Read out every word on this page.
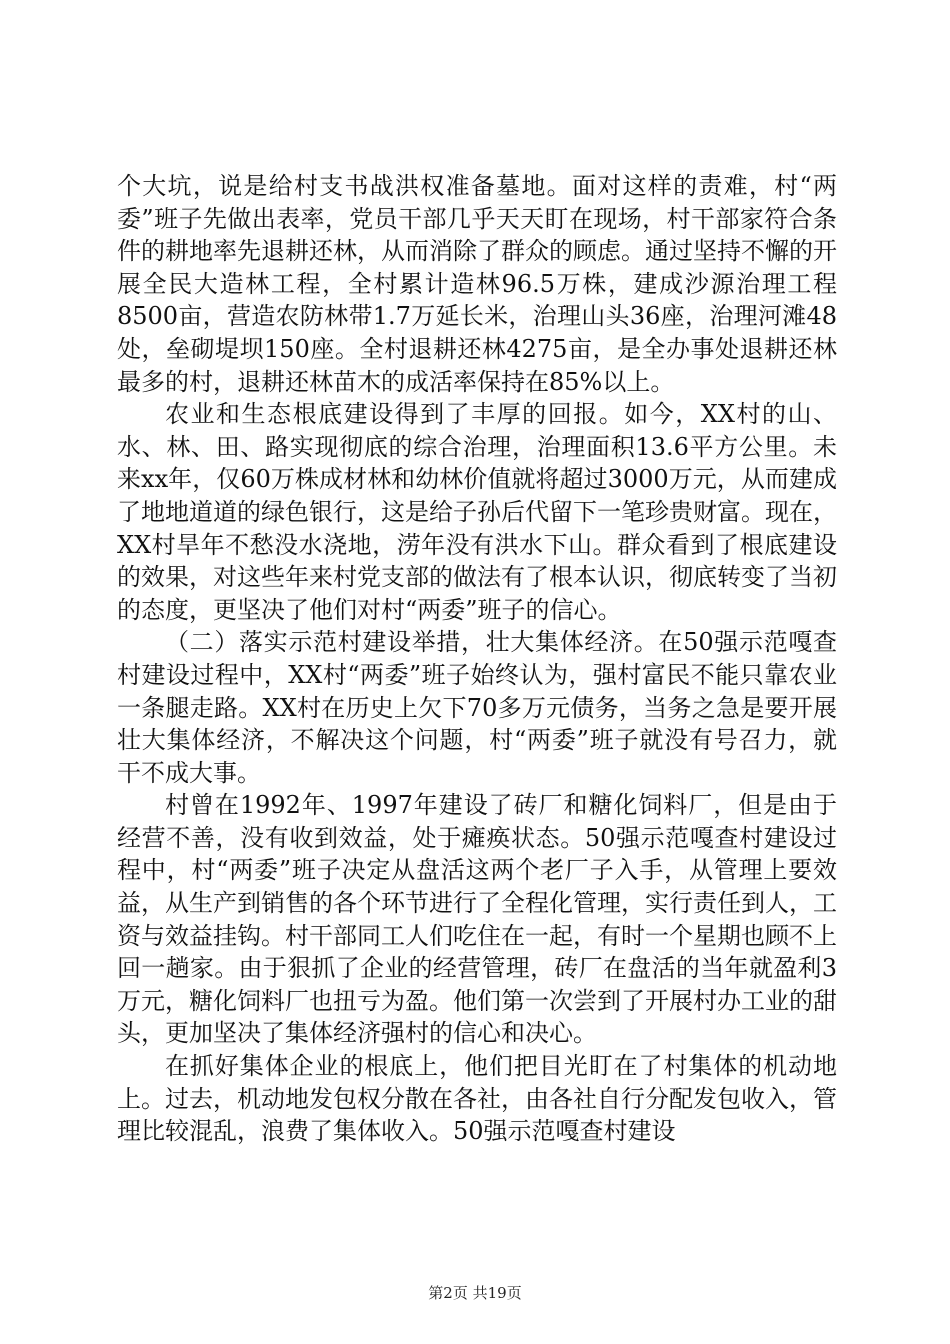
个大坑，说是给村支书战洪权准备墓地。面对这样的责难，村“两委”班子先做出表率，党员干部几乎天天盯在现场，村干部家符合条件的耕地率先退耕还林，从而消除了群众的顾虑。通过坚持不懈的开展全民大造林工程，全村累计造林96.5万株，建成沙源治理工程8500亩，营造农防林带1.7万延长米，治理山头36座，治理河滩48处，垒砌堤坝150座。全村退耕还林4275亩，是全办事处退耕还林最多的村，退耕还林苗木的成活率保持在85%以上。

农业和生态根底建设得到了丰厚的回报。如今，XX村的山、水、林、田、路实现彻底的综合治理，治理面积13.6平方公里。未来xx年，仅60万株成材林和幼林价值就将超过3000万元，从而建成了地地道道的绿色银行，这是给子孙后代留下一笔珍贵财富。现在，XX村旱年不愁没水浇地，涝年没有洪水下山。群众看到了根底建设的效果，对这些年来村党支部的做法有了根本认识，彻底转变了当初的态度，更坚决了他们对村“两委”班子的信心。

（二）落实示范村建设举措，壮大集体经济。在50强示范嘎查村建设过程中，XX村“两委”班子始终认为，强村富民不能只靠农业一条腿走路。XX村在历史上欠下70多万元债务，当务之急是要开展壮大集体经济，不解决这个问题，村“两委”班子就没有号召力，就干不成大事。

村曾在1992年、1997年建设了砖厂和糖化饲料厂，但是由于经营不善，没有收到效益，处于瘫痪状态。50强示范嘎查村建设过程中，村“两委”班子决定从盘活这两个老厂子入手，从管理上要效益，从生产到销售的各个环节进行了全程化管理，实行责任到人，工资与效益挂钩。村干部同工人们吃住在一起，有时一个星期也顾不上回一趟家。由于狠抓了企业的经营管理，砖厂在盘活的当年就盈利3万元，糖化饲料厂也扭亏为盈。他们第一次尝到了开展村办工业的甜头，更加坚决了集体经济强村的信心和决心。

在抓好集体企业的根底上，他们把目光盯在了村集体的机动地上。过去，机动地发包权分散在各社，由各社自行分配发包收入，管理比较混乱，浪费了集体收入。50强示范嘎查村建设

第2页 共19页
